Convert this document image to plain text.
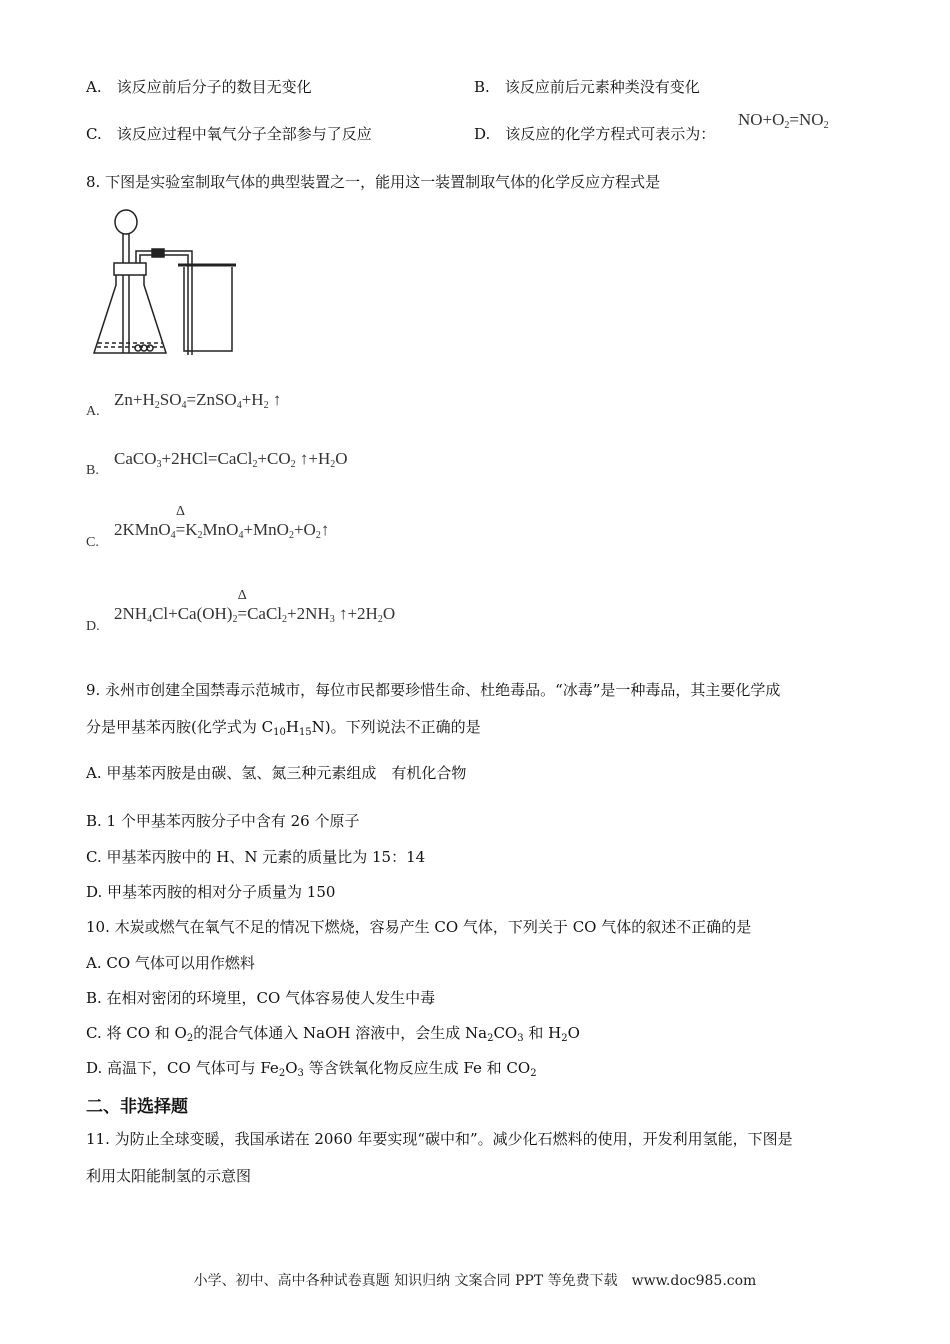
A.　该反应前后分子的数目无变化	B.　该反应前后元素种类没有变化
C.　该反应过程中氧气分子全部参与了反应	D.　该反应的化学方程式可表示为：
$NO+O_2=NO_2$
8. 下图是实验室制取气体的典型装置之一，能用这一装置制取气体的化学反应方程式是
A.
$Zn+H_2SO_4=ZnSO_4+H_2$ ↑
B.
$CaCO_3+2HCl=CaCl_2+CO_2$ $↑+H_2O$
C.
2KMnO$_4$
Δ
$=K_2MnO_4+MnO_2+O_2↑$
D.
$2NH_4Cl+Ca(OH)_2$
Δ
$=CaCl_2+2NH_3$ $↑+2H_2O$
9. 永州市创建全国禁毒示范城市，每位市民都要珍惜生命、杜绝毒品。“冰毒”是一种毒品，其主要化学成
分是甲基苯丙胺(化学式为 $C_{10}H_{15}N$)。下列说法不正确的是
A. 甲基苯丙胺是由碳、氢、氮三种元素组成　有机化合物
B. 1 个甲基苯丙胺分子中含有 26 个原子
C. 甲基苯丙胺中的 H、N 元素的质量比为 15：14
D. 甲基苯丙胺的相对分子质量为 150
10. 木炭或燃气在氧气不足的情况下燃烧，容易产生 CO 气体，下列关于 CO 气体的叙述不正确的是
A. CO 气体可以用作燃料
B. 在相对密闭的环境里，CO 气体容易使人发生中毒
C. 将 CO 和 $O_2$的混合气体通入 NaOH 溶液中，会生成 $Na_2CO_3$ 和 $H_2O$
D. 高温下，CO 气体可与 $Fe_2O_3$ 等含铁氧化物反应生成 Fe 和 $CO_2$
二、非选择题
11. 为防止全球变暖，我国承诺在 2060 年要实现“碳中和”。减少化石燃料的使用，开发利用氢能，下图是
利用太阳能制氢的示意图
小学、初中、高中各种试卷真题 知识归纳 文案合同 PPT 等免费下载　www.doc985.com
